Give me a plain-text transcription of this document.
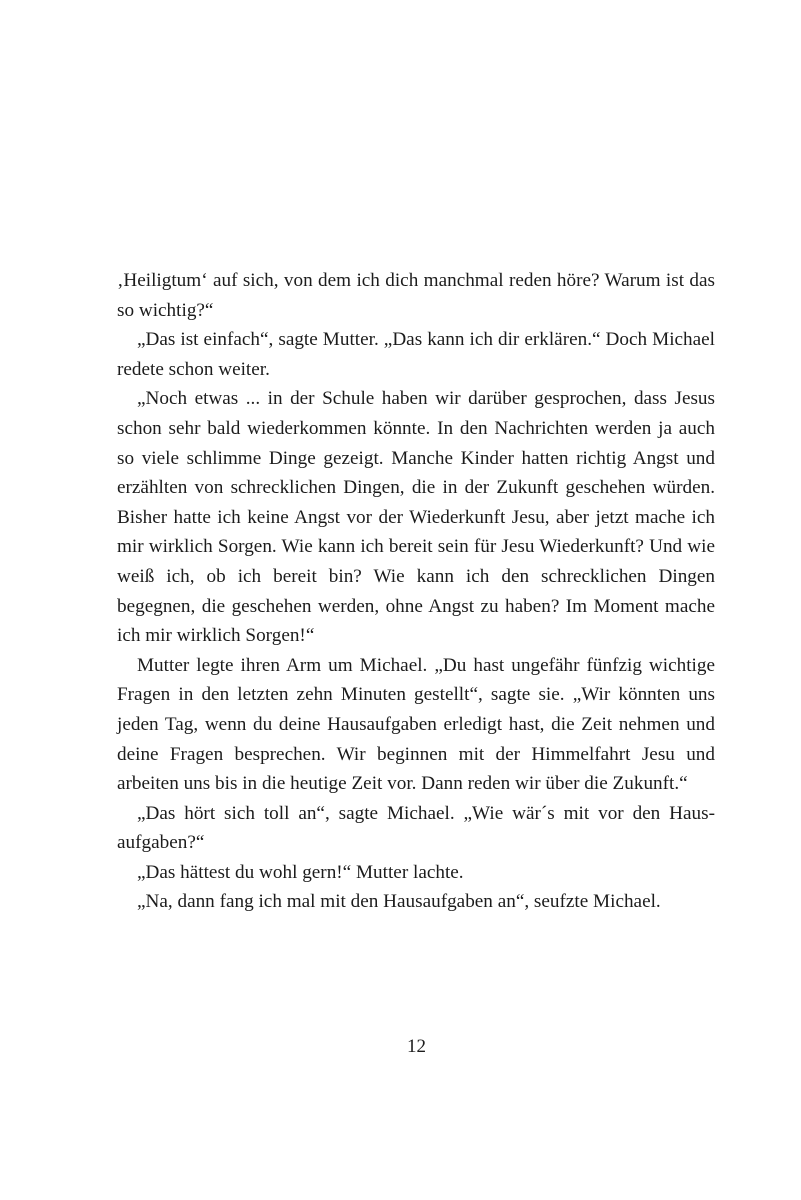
‚Heiligtum‘ auf sich, von dem ich dich manchmal reden höre? Warum ist das so wichtig?“

„Das ist einfach“, sagte Mutter. „Das kann ich dir erklären.“ Doch Michael redete schon weiter.

„Noch etwas ... in der Schule haben wir darüber gesprochen, dass Jesus schon sehr bald wiederkommen könnte. In den Nachrichten werden ja auch so viele schlimme Dinge gezeigt. Manche Kinder hatten richtig Angst und erzählten von schrecklichen Dingen, die in der Zukunft geschehen würden. Bisher hatte ich keine Angst vor der Wiederkunft Jesu, aber jetzt mache ich mir wirklich Sorgen. Wie kann ich bereit sein für Jesu Wiederkunft? Und wie weiß ich, ob ich bereit bin? Wie kann ich den schrecklichen Dingen begegnen, die geschehen werden, ohne Angst zu haben? Im Moment mache ich mir wirklich Sorgen!“

Mutter legte ihren Arm um Michael. „Du hast ungefähr fünfzig wichtige Fragen in den letzten zehn Minuten gestellt“, sagte sie. „Wir könnten uns jeden Tag, wenn du deine Hausaufgaben erledigt hast, die Zeit nehmen und deine Fragen besprechen. Wir beginnen mit der Himmelfahrt Jesu und arbeiten uns bis in die heutige Zeit vor. Dann reden wir über die Zukunft.“

„Das hört sich toll an“, sagte Michael. „Wie wär´s mit vor den Hausaufgaben?“

„Das hättest du wohl gern!“ Mutter lachte.

„Na, dann fang ich mal mit den Hausaufgaben an“, seufzte Michael.

12
